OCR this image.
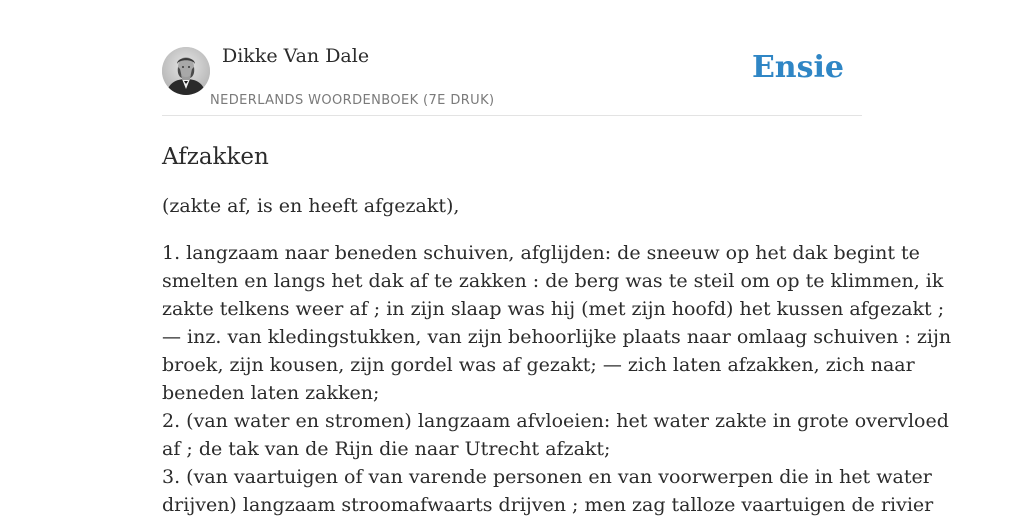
Dikke Van Dale
NEDERLANDS WOORDENBOEK (7E DRUK)
Ensie
Afzakken

(zakte af, is en heeft afgezakt),

1. langzaam naar beneden schuiven, afglijden: de sneeuw op het dak begint te
smelten en langs het dak af te zakken : de berg was te steil om op te klimmen, ik
zakte telkens weer af ; in zijn slaap was hij (met zijn hoofd) het kussen afgezakt ;
— inz. van kledingstukken, van zijn behoorlijke plaats naar omlaag schuiven : zijn
broek, zijn kousen, zijn gordel was af gezakt; — zich laten afzakken, zich naar
beneden laten zakken;
2. (van water en stromen) langzaam afvloeien: het water zakte in grote overvloed
af ; de tak van de Rijn die naar Utrecht afzakt;
3. (van vaartuigen of van varende personen en van voorwerpen die in het water
drijven) langzaam stroomafwaarts drijven ; men zag talloze vaartuigen de rivier
